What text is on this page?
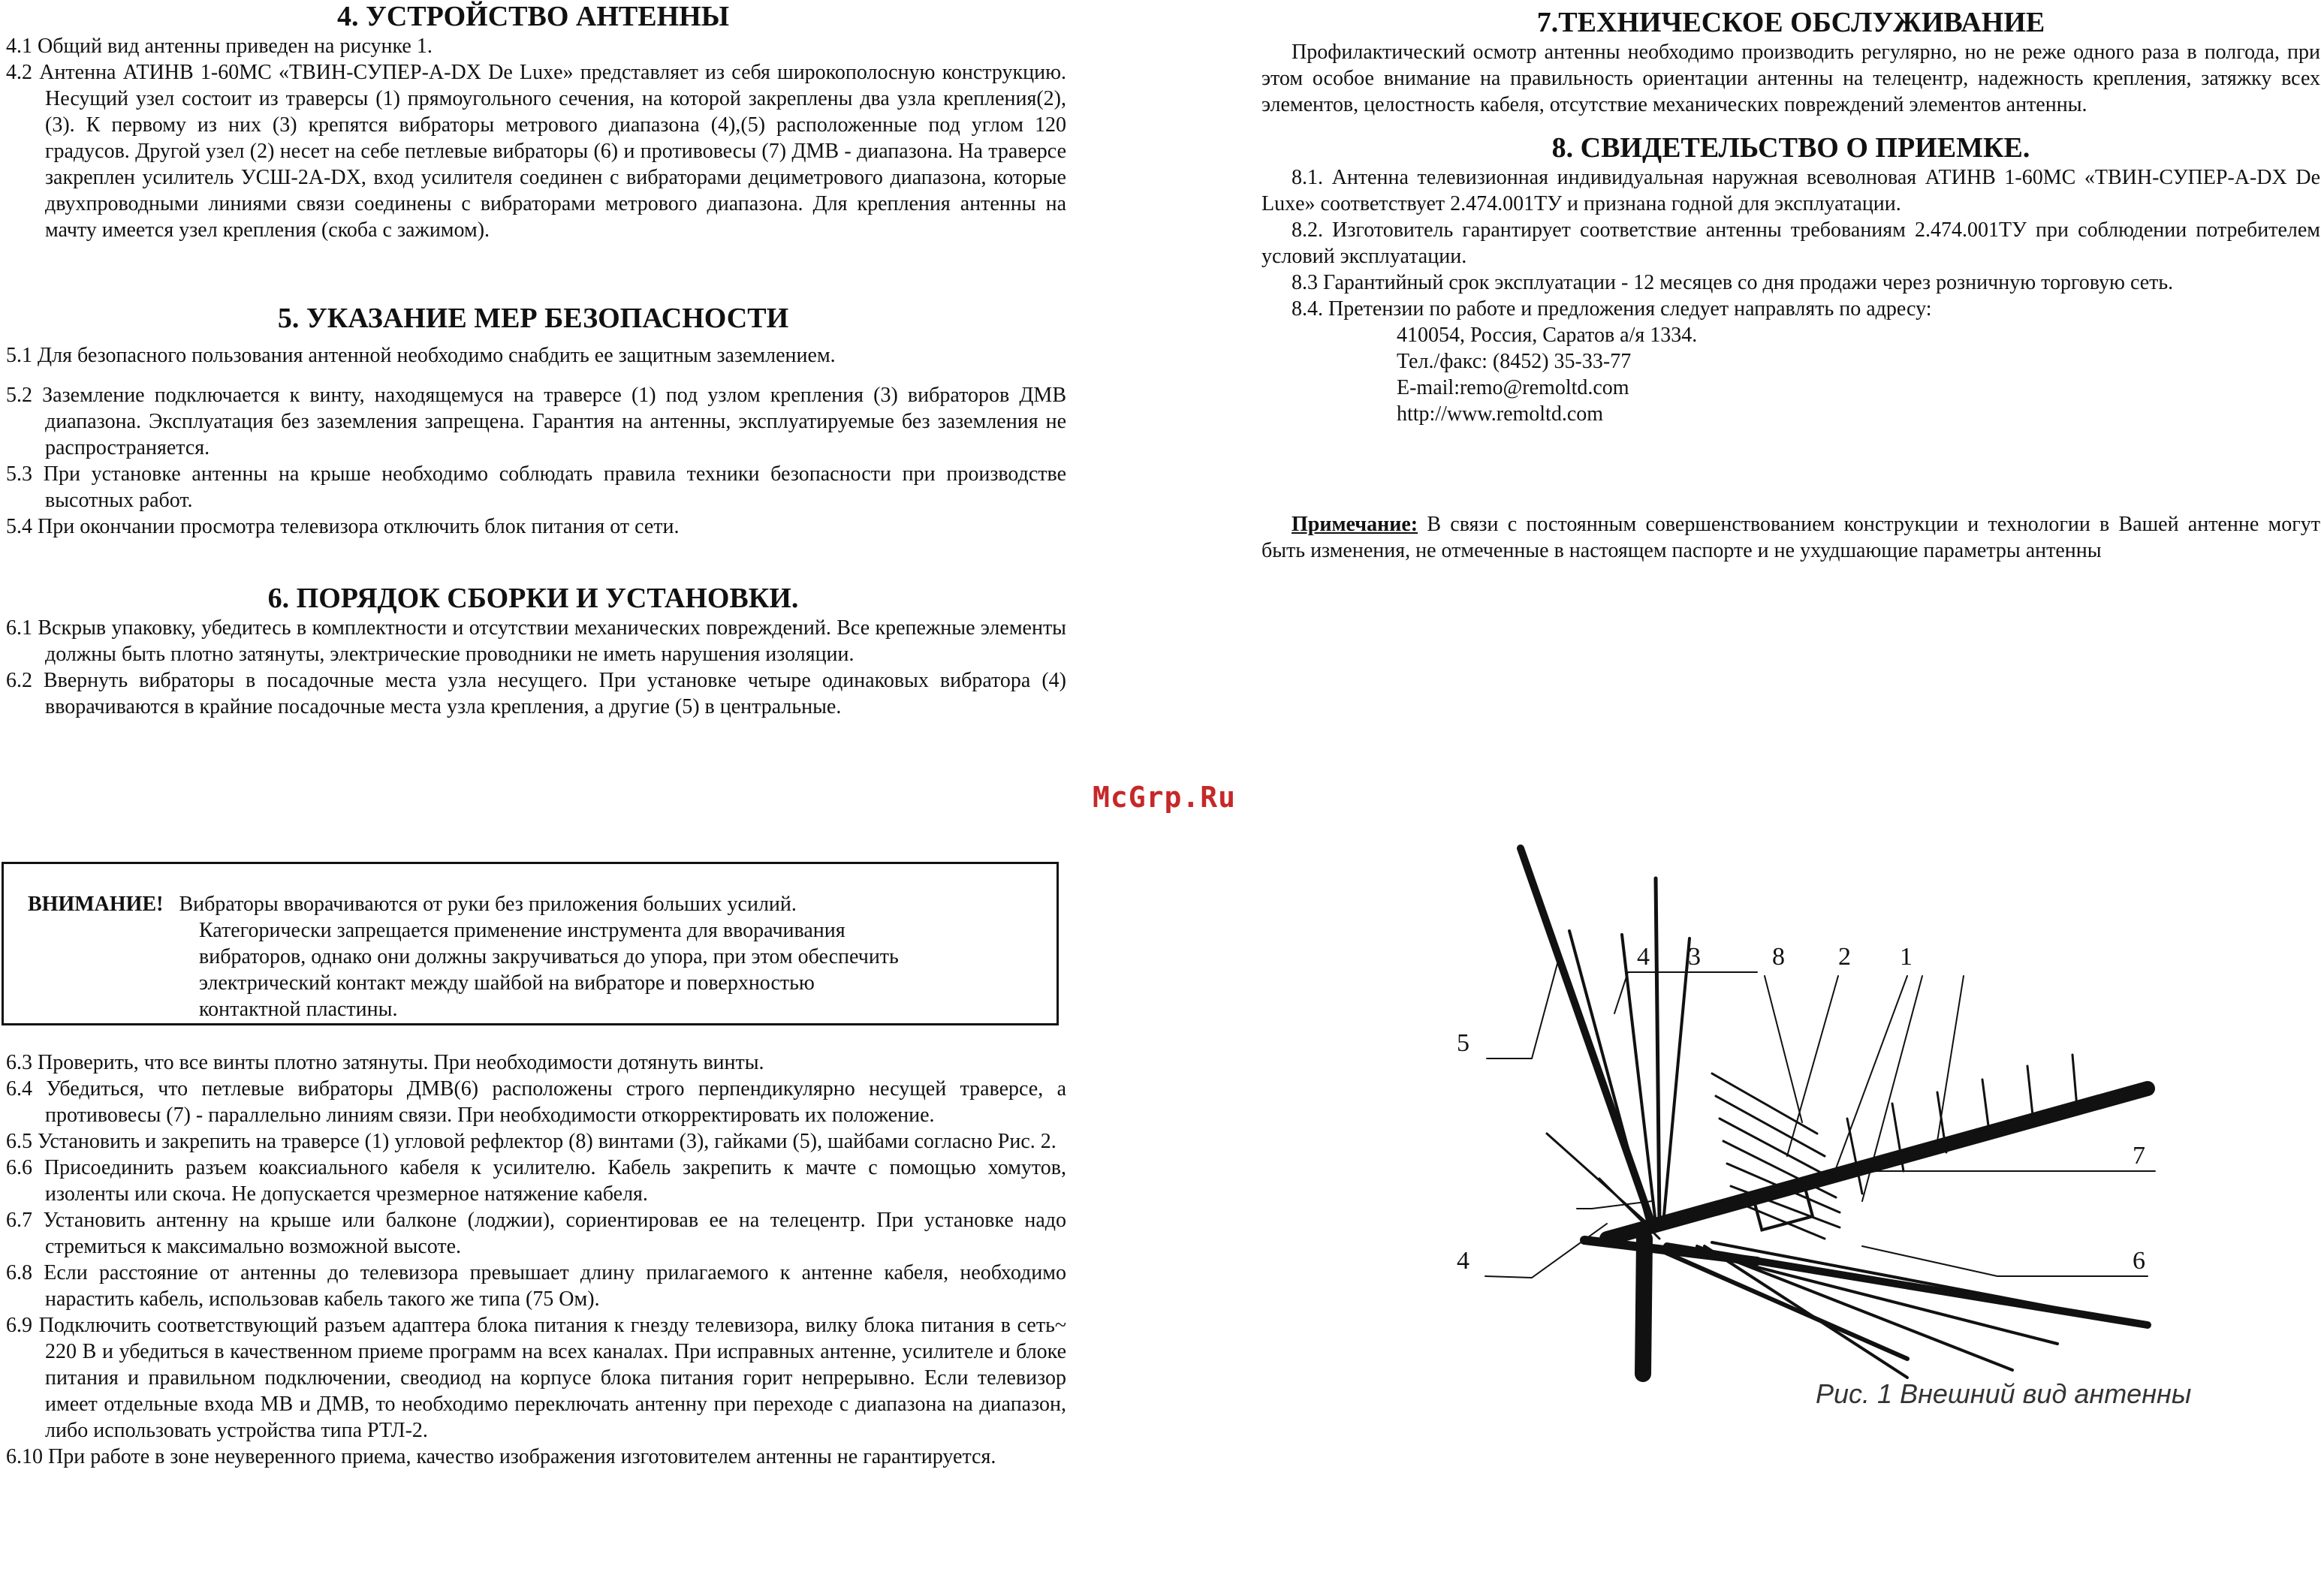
4. УСТРОЙСТВО АНТЕННЫ

4.1 Общий вид антенны приведен на рисунке 1.

4.2 Антенна АТИНВ 1-60МС «ТВИН-СУПЕР-A-DX De Luxe» представляет из себя широкополосную конструкцию. Несущий узел состоит из траверсы (1) прямоугольного сечения, на которой закреплены два узла крепления(2),(3). К первому из них (3) крепятся вибраторы метрового диапазона (4),(5) расположенные под углом 120 градусов. Другой узел (2) несет на себе петлевые вибраторы (6) и противовесы (7) ДМВ - диапазона. На траверсе закреплен усилитель УСШ-2А-DX, вход усилителя соединен с вибраторами дециметрового диапазона, которые двухпроводными линиями связи соединены с вибраторами метрового диапазона. Для крепления антенны на мачту имеется узел крепления (скоба с зажимом).

5. УКАЗАНИЕ МЕР БЕЗОПАСНОСТИ

5.1 Для безопасного пользования антенной необходимо снабдить ее защитным заземлением.

5.2 Заземление подключается к винту, находящемуся на траверсе (1) под узлом крепления (3) вибраторов ДМВ диапазона. Эксплуатация без заземления запрещена. Гарантия на антенны, эксплуатируемые без заземления не распространяется.

5.3 При установке антенны на крыше необходимо соблюдать правила техники безопасности при производстве высотных работ.

5.4 При окончании просмотра телевизора отключить блок питания от сети.

6. ПОРЯДОК СБОРКИ И УСТАНОВКИ.

6.1 Вскрыв упаковку, убедитесь в комплектности и отсутствии механических повреждений. Все крепежные элементы должны быть плотно затянуты, электрические проводники не иметь нарушения изоляции.

6.2 Ввернуть вибраторы в посадочные места узла несущего. При установке четыре одинаковых вибратора (4) вворачиваются в крайние посадочные места узла крепления, а другие (5) в центральные.

ВНИМАНИЕ! Вибраторы вворачиваются от руки без приложения больших усилий.

Категорически запрещается применение инструмента для вворачивания

вибраторов, однако они должны закручиваться до упора, при этом обеспечить

электрический контакт между шайбой на вибраторе и поверхностью

контактной пластины.

6.3 Проверить, что все винты плотно затянуты. При необходимости дотянуть винты.

6.4 Убедиться, что петлевые вибраторы ДМВ(6) расположены строго перпендикулярно несущей траверсе, а противовесы (7) - параллельно линиям связи. При необходимости откорректировать их положение.

6.5 Установить и закрепить на траверсе (1) угловой рефлектор (8) винтами (3), гайками (5), шайбами согласно Рис. 2.

6.6 Присоединить разъем коаксиального кабеля к усилителю. Кабель закрепить к мачте с помощью хомутов, изоленты или скоча. Не допускается чрезмерное натяжение кабеля.

6.7 Установить антенну на крыше или балконе (лоджии), сориентировав ее на телецентр. При установке надо стремиться к максимально возможной высоте.

6.8 Если расстояние от антенны до телевизора превышает длину прилагаемого к антенне кабеля, необходимо нарастить кабель, использовав кабель такого же типа (75 Ом).

6.9 Подключить соответствующий разъем адаптера блока питания к гнезду телевизора, вилку блока питания в сеть~ 220 В и убедиться в качественном приеме программ на всех каналах. При исправных антенне, усилителе и блоке питания и правильном подключении, свеодиод на корпусе блока питания горит непрерывно. Если телевизор имеет отдельные входа МВ и ДМВ, то необходимо переключать антенну при переходе с диапазона на диапазон, либо использовать устройства типа РТЛ-2.

6.10 При работе в зоне неуверенного приема, качество изображения изготовителем антенны не гарантируется.

7.ТЕХНИЧЕСКОЕ ОБСЛУЖИВАНИЕ

Профилактический осмотр антенны необходимо производить регулярно, но не реже одного раза в полгода, при этом особое внимание на правильность ориентации антенны на телецентр, надежность крепления, затяжку всех элементов, целостность кабеля, отсутствие механических повреждений элементов антенны.

8. СВИДЕТЕЛЬСТВО О ПРИЕМКЕ.

8.1. Антенна телевизионная индивидуальная наружная всеволновая АТИНВ 1-60МС «ТВИН-СУПЕР-A-DX De Luxe» соответствует 2.474.001ТУ и признана годной для эксплуатации.

8.2. Изготовитель гарантирует соответствие антенны требованиям 2.474.001ТУ при соблюдении потребителем условий эксплуатации.

8.3 Гарантийный срок эксплуатации - 12 месяцев со дня продажи через розничную торговую сеть.

8.4. Претензии по работе и предложения следует направлять по адресу:

410054, Россия, Саратов а/я 1334.

Тел./факс: (8452) 35-33-77

E-mail:remo@remoltd.com

http://www.remoltd.com

Примечание: В связи с постоянным совершенствованием конструкции и технологии в Вашей антенне могут быть изменения, не отмеченные в настоящем паспорте и не ухудшающие параметры антенны

McGrp.Ru
4 3	8 2 1
5
4
7
6
Рис. 1 Внешний вид антенны
